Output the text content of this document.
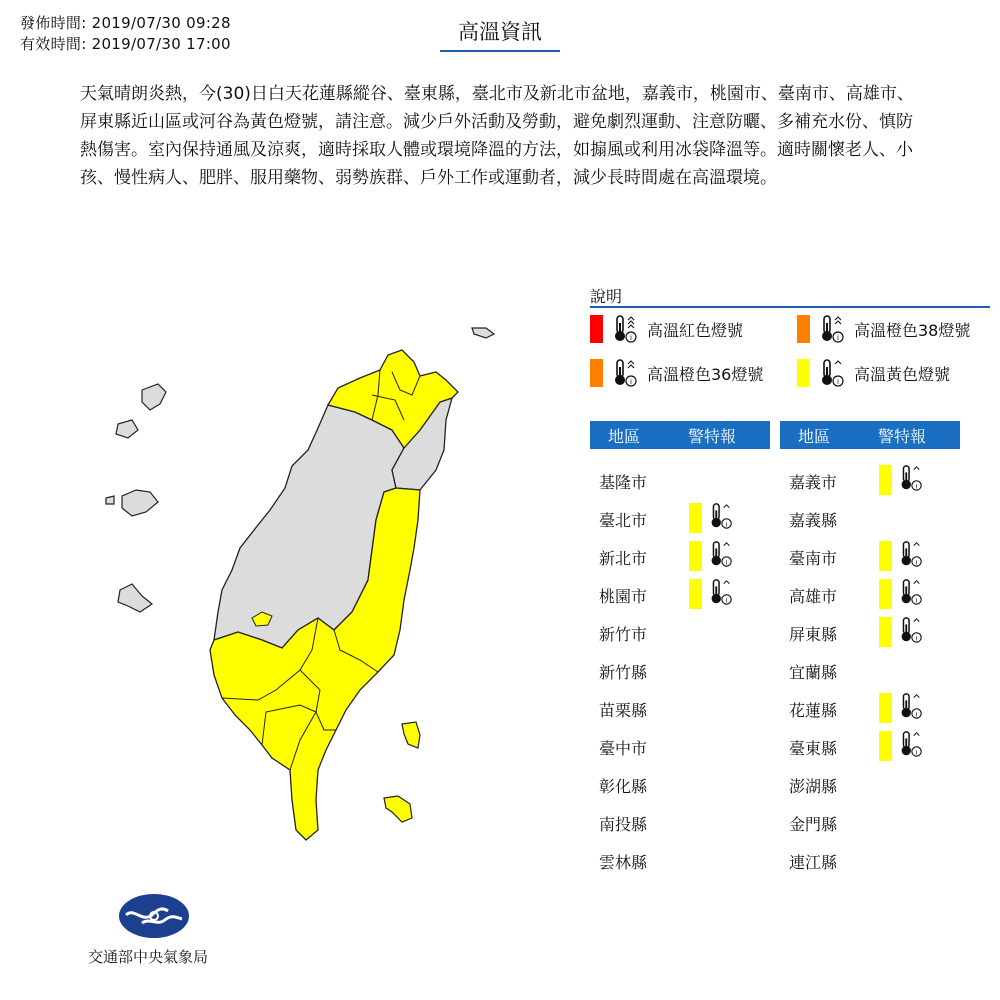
發佈時間: 2019/07/30 09:28
有效時間: 2019/07/30 17:00	高溫資訊
天氣晴朗炎熱，今(30)日白天花蓮縣縱谷、臺東縣，臺北市及新北市盆地，嘉義市，桃園市、臺南市、高雄市、屏東縣近山區或河谷為黃色燈號，請注意。減少戶外活動及勞動，避免劇烈運動、注意防曬、多補充水份、慎防熱傷害。室內保持通風及涼爽，適時採取人體或環境降溫的方法，如搧風或利用冰袋降溫等。適時關懷老人、小孩、慢性病人、肥胖、服用藥物、弱勢族群、戶外工作或運動者，減少長時間處在高溫環境。
說明
i 高溫紅色燈號	i 高溫橙色38燈號
i 高溫橙色36燈號	i 高溫黃色燈號
地區	警特報	地區	警特報
基隆市
臺北市	i
新北市	i
桃園市	i
新竹市
新竹縣
苗栗縣
臺中市
彰化縣
南投縣
雲林縣
嘉義市	i
嘉義縣
臺南市	i
高雄市	i
屏東縣	i
宜蘭縣
花蓮縣	i
臺東縣	i
澎湖縣
金門縣
連江縣
交通部中央氣象局
